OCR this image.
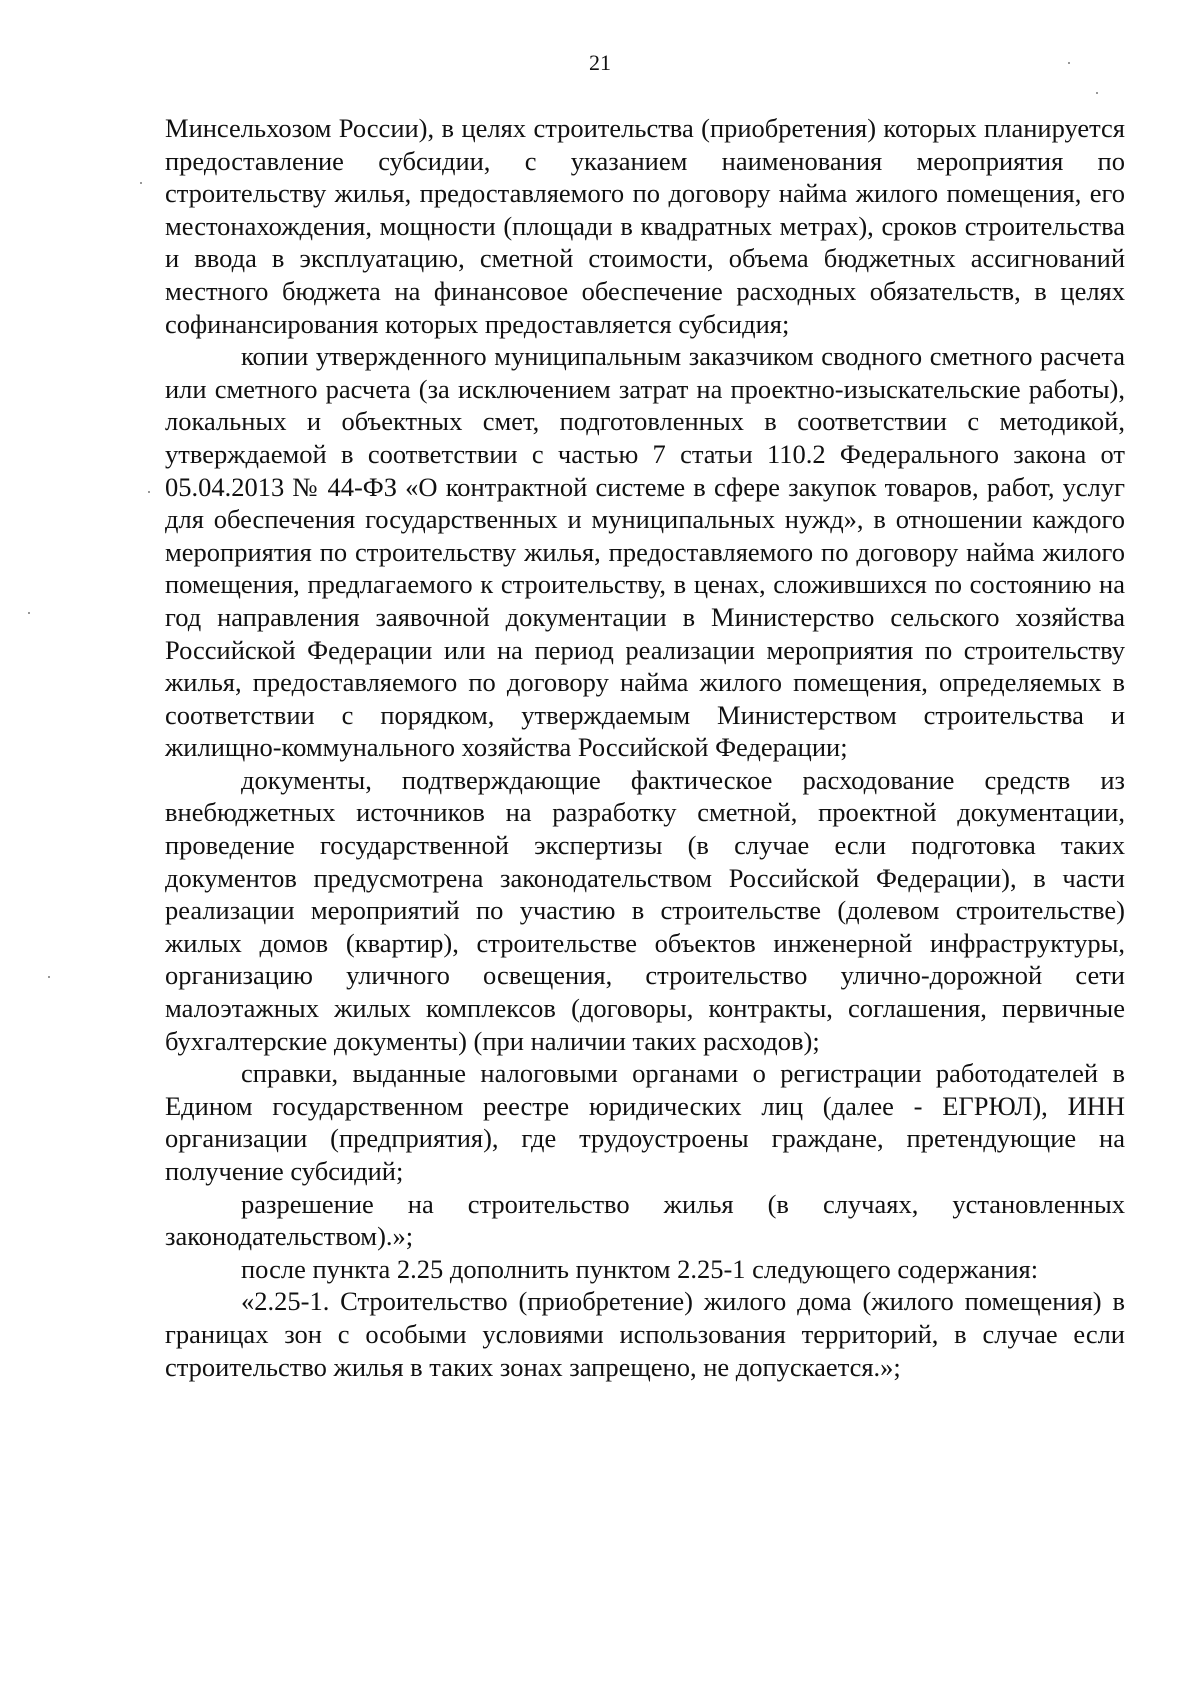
21

Минсельхозом России), в целях строительства (приобретения) которых планируется предоставление субсидии, с указанием наименования мероприятия по строительству жилья, предоставляемого по договору найма жилого помещения, его местонахождения, мощности (площади в квадратных метрах), сроков строительства и ввода в эксплуатацию, сметной стоимости, объема бюджетных ассигнований местного бюджета на финансовое обеспечение расходных обязательств, в целях софинансирования которых предоставляется субсидия;

копии утвержденного муниципальным заказчиком сводного сметного расчета или сметного расчета (за исключением затрат на проектно-изыскательские работы), локальных и объектных смет, подготовленных в соответствии с методикой, утверждаемой в соответствии с частью 7 статьи 110.2 Федерального закона от 05.04.2013 № 44-ФЗ «О контрактной системе в сфере закупок товаров, работ, услуг для обеспечения государственных и муниципальных нужд», в отношении каждого мероприятия по строительству жилья, предоставляемого по договору найма жилого помещения, предлагаемого к строительству, в ценах, сложившихся по состоянию на год направления заявочной документации в Министерство сельского хозяйства Российской Федерации или на период реализации мероприятия по строительству жилья, предоставляемого по договору найма жилого помещения, определяемых в соответствии с порядком, утверждаемым Министерством строительства и жилищно-коммунального хозяйства Российской Федерации;

документы, подтверждающие фактическое расходование средств из внебюджетных источников на разработку сметной, проектной документации, проведение государственной экспертизы (в случае если подготовка таких документов предусмотрена законодательством Российской Федерации), в части реализации мероприятий по участию в строительстве (долевом строительстве) жилых домов (квартир), строительстве объектов инженерной инфраструктуры, организацию уличного освещения, строительство улично-дорожной сети малоэтажных жилых комплексов (договоры, контракты, соглашения, первичные бухгалтерские документы) (при наличии таких расходов);

справки, выданные налоговыми органами о регистрации работодателей в Едином государственном реестре юридических лиц (далее - ЕГРЮЛ), ИНН организации (предприятия), где трудоустроены граждане, претендующие на получение субсидий;

разрешение на строительство жилья (в случаях, установленных законодательством).»;

после пункта 2.25 дополнить пунктом 2.25-1 следующего содержания:

«2.25-1. Строительство (приобретение) жилого дома (жилого помещения) в границах зон с особыми условиями использования территорий, в случае если строительство жилья в таких зонах запрещено, не допускается.»;
